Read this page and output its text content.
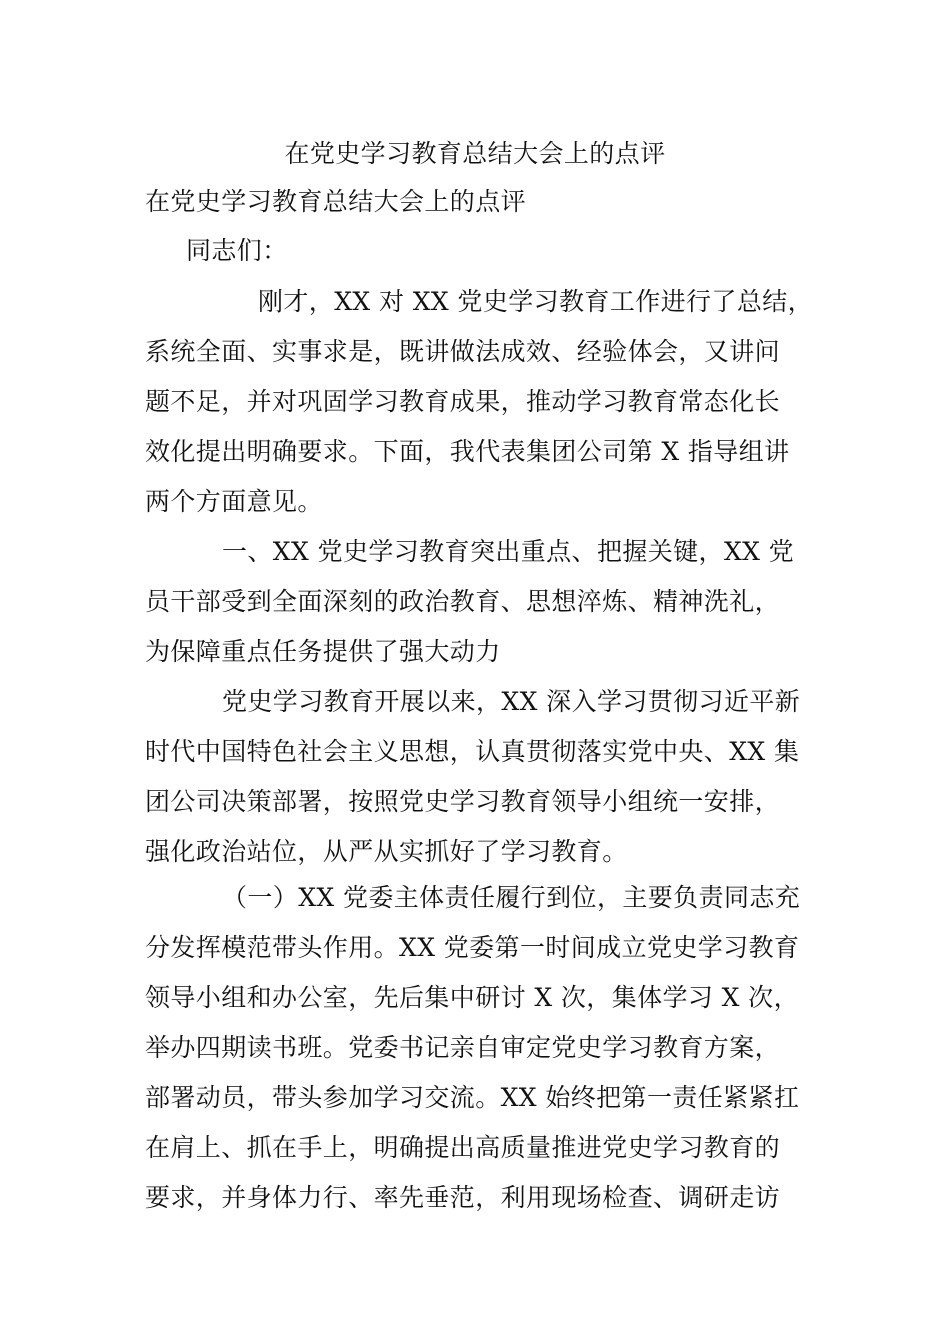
在党史学习教育总结大会上的点评

在党史学习教育总结大会上的点评

同志们：

刚才，XX 对 XX 党史学习教育工作进行了总结，

系统全面、实事求是，既讲做法成效、经验体会，又讲问

题不足，并对巩固学习教育成果，推动学习教育常态化长

效化提出明确要求。下面，我代表集团公司第 X 指导组讲

两个方面意见。

一、XX 党史学习教育突出重点、把握关键，XX 党

员干部受到全面深刻的政治教育、思想淬炼、精神洗礼，

为保障重点任务提供了强大动力

党史学习教育开展以来，XX 深入学习贯彻习近平新

时代中国特色社会主义思想，认真贯彻落实党中央、XX 集

团公司决策部署，按照党史学习教育领导小组统一安排，

强化政治站位，从严从实抓好了学习教育。

（一）XX 党委主体责任履行到位，主要负责同志充

分发挥模范带头作用。XX 党委第一时间成立党史学习教育

领导小组和办公室，先后集中研讨 X 次，集体学习 X 次，

举办四期读书班。党委书记亲自审定党史学习教育方案，

部署动员，带头参加学习交流。XX 始终把第一责任紧紧扛

在肩上、抓在手上，明确提出高质量推进党史学习教育的

要求，并身体力行、率先垂范，利用现场检查、调研走访
